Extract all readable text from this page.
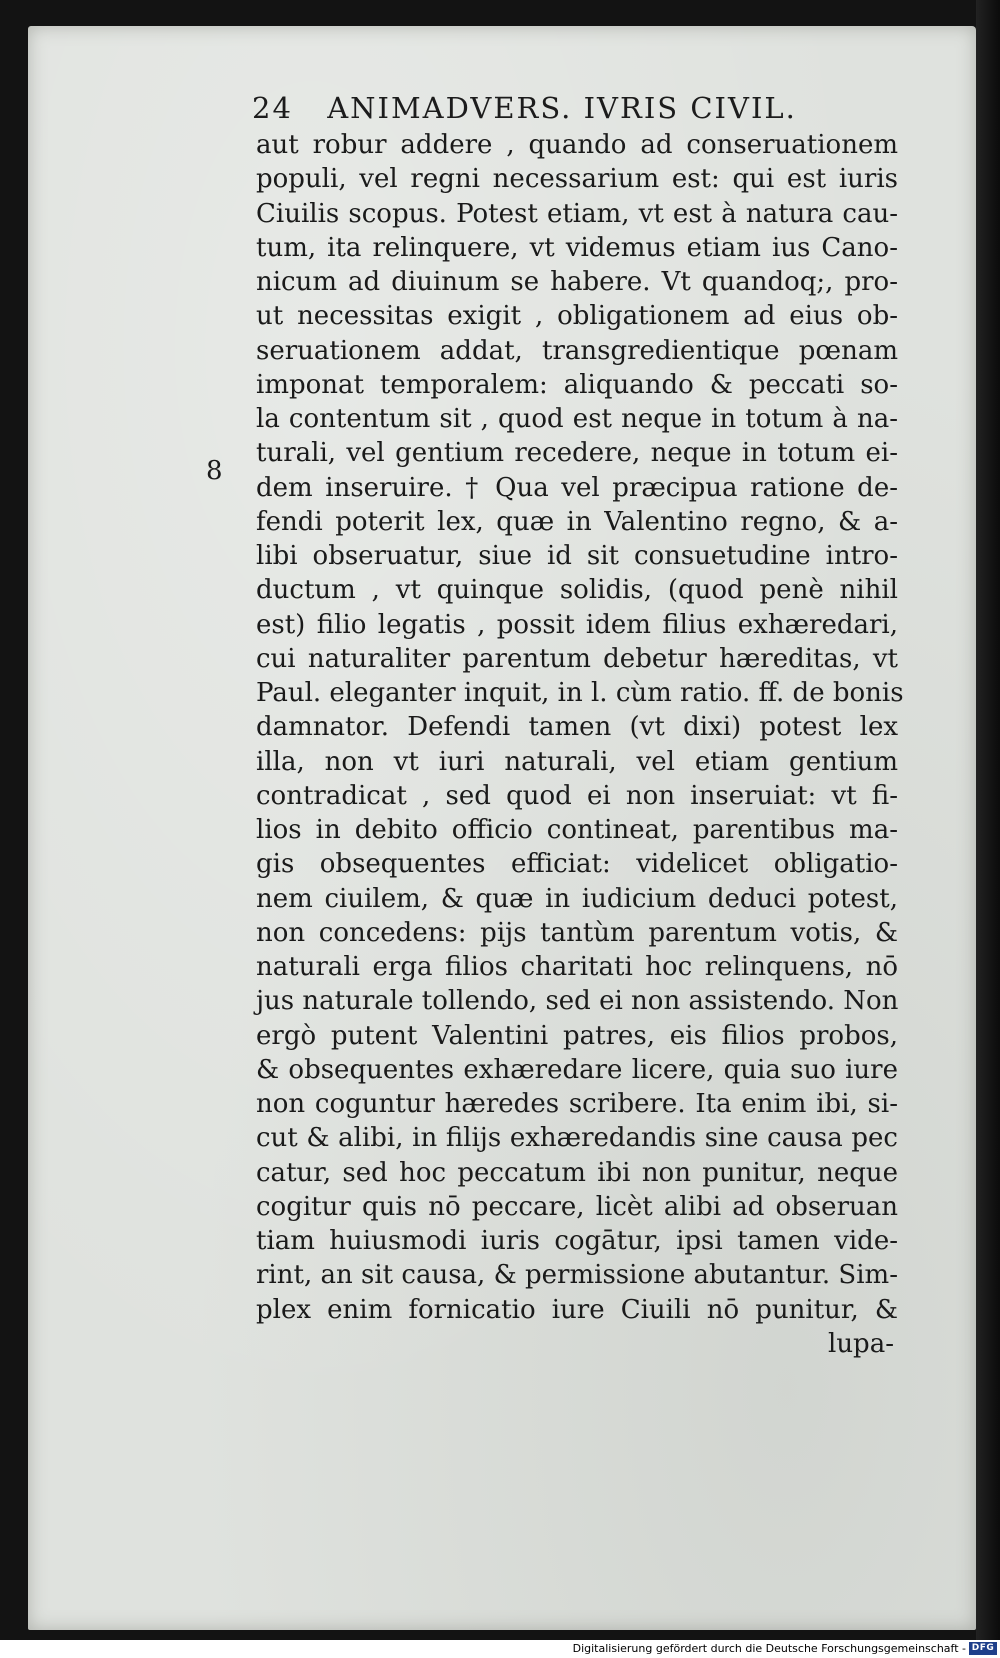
24 ANIMADVERS. IVRIS CIVIL.
8
aut robur addere , quando ad conseruationem
populi, vel regni necessarium est: qui est iuris
Ciuilis scopus. Potest etiam, vt est à natura cau-
tum, ita relinquere, vt videmus etiam ius Cano-
nicum ad diuinum se habere. Vt quandoq;, pro-
ut necessitas exigit , obligationem ad eius ob-
seruationem addat, transgredientique pœnam
imponat temporalem: aliquando & peccati so-
la contentum sit , quod est neque in totum à na-
turali, vel gentium recedere, neque in totum ei-
dem inseruire. † Qua vel præcipua ratione de-
fendi poterit lex, quæ in Valentino regno, & a-
libi obseruatur, siue id sit consuetudine intro-
ductum , vt quinque solidis, (quod penè nihil
est) filio legatis , possit idem filius exhæredari,
cui naturaliter parentum debetur hæreditas, vt
Paul. eleganter inquit, in l. cùm ratio. ff. de bonis
damnator. Defendi tamen (vt dixi) potest lex
illa, non vt iuri naturali, vel etiam gentium
contradicat , sed quod ei non inseruiat: vt fi-
lios in debito officio contineat, parentibus ma-
gis obsequentes efficiat: videlicet obligatio-
nem ciuilem, & quæ in iudicium deduci potest,
non concedens: pijs tantùm parentum votis, &
naturali erga filios charitati hoc relinquens, nō
jus naturale tollendo, sed ei non assistendo. Non
ergò putent Valentini patres, eis filios probos,
& obsequentes exhæredare licere, quia suo iure
non coguntur hæredes scribere. Ita enim ibi, si-
cut & alibi, in filijs exhæredandis sine causa pec
catur, sed hoc peccatum ibi non punitur, neque
cogitur quis nō peccare, licèt alibi ad obseruan
tiam huiusmodi iuris cogātur, ipsi tamen vide-
rint, an sit causa, & permissione abutantur. Sim-
plex enim fornicatio iure Ciuili nō punitur, &
lupa-
Digitalisierung gefördert durch die Deutsche Forschungsgemeinschaft - DFG
